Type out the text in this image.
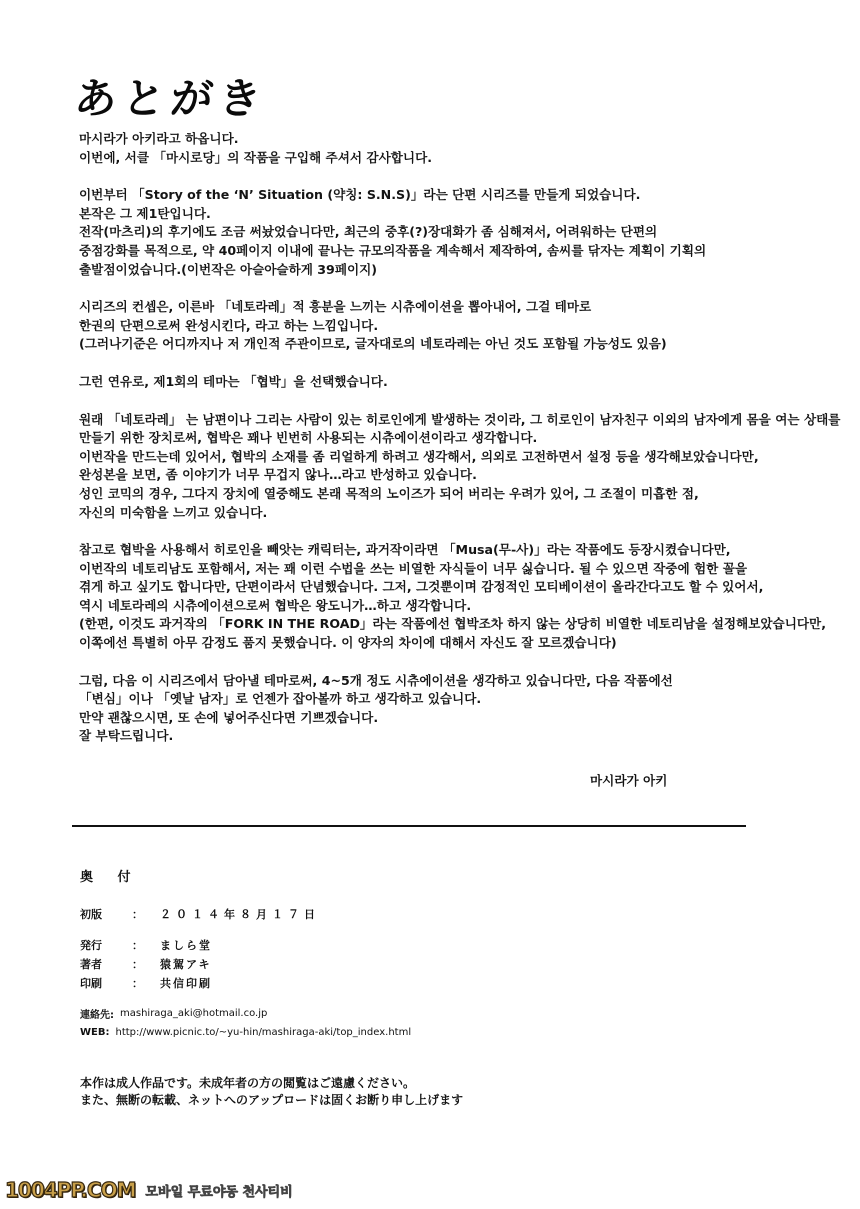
あとがき
마시라가 아키라고 하옵니다.
이번에, 서클 「마시로당」의 작품을 구입해 주셔서 감사합니다.
이번부터 「Story of the ‘N’ Situation (약칭: S.N.S)」라는 단편 시리즈를 만들게 되었습니다.
본작은 그 제1탄입니다.
전작(마츠리)의 후기에도 조금 써놨었습니다만, 최근의 중후(?)장대화가 좀 심해져서, 어려워하는 단편의
중점강화를 목적으로, 약 40페이지 이내에 끝나는 규모의작품을 계속해서 제작하여, 솜씨를 닦자는 계획이 기획의
출발점이었습니다.(이번작은 아슬아슬하게 39페이지)
시리즈의 컨셉은, 이른바 「네토라레」적 흥분을 느끼는 시츄에이션을 뽑아내어, 그걸 테마로
한권의 단편으로써 완성시킨다, 라고 하는 느낌입니다.
(그러나기준은 어디까지나 저 개인적 주관이므로, 글자대로의 네토라레는 아닌 것도 포함될 가능성도 있음)
그런 연유로, 제1회의 테마는 「협박」을 선택했습니다.
원래 「네토라레」 는 남편이나 그리는 사람이 있는 히로인에게 발생하는 것이라, 그 히로인이 남자친구 이외의 남자에게 몸을 여는 상태를
만들기 위한 장치로써, 협박은 꽤나 빈번히 사용되는 시츄에이션이라고 생각합니다.
이번작을 만드는데 있어서, 협박의 소재를 좀 리얼하게 하려고 생각해서, 의외로 고전하면서 설정 등을 생각해보았습니다만,
완성본을 보면, 좀 이야기가 너무 무겁지 않나…라고 반성하고 있습니다.
성인 코믹의 경우, 그다지 장치에 열중해도 본래 목적의 노이즈가 되어 버리는 우려가 있어, 그 조절이 미흡한 점,
자신의 미숙함을 느끼고 있습니다.
참고로 협박을 사용해서 히로인을 빼앗는 캐릭터는, 과거작이라면 「Musa(무-사)」라는 작품에도 등장시켰습니다만,
이번작의 네토리남도 포함해서, 저는 꽤 이런 수법을 쓰는 비열한 자식들이 너무 싫습니다. 될 수 있으면 작중에 험한 꼴을
겪게 하고 싶기도 합니다만, 단편이라서 단념했습니다. 그저, 그것뿐이며 감정적인 모티베이션이 올라간다고도 할 수 있어서,
역시 네토라레의 시츄에이션으로써 협박은 왕도니가…하고 생각합니다.
(한편, 이것도 과거작의 「FORK IN THE ROAD」라는 작품에선 협박조차 하지 않는 상당히 비열한 네토리남을 설정해보았습니다만,
이쪽에선 특별히 아무 감정도 품지 못했습니다. 이 양자의 차이에 대해서 자신도 잘 모르겠습니다)
그럼, 다음 이 시리즈에서 담아낼 테마로써, 4~5개 정도 시츄에이션을 생각하고 있습니다만, 다음 작품에선
「변심」이나 「옛날 남자」로 언젠가 잡아볼까 하고 생각하고 있습니다.
만약 괜찮으시면, 또 손에 넣어주신다면 기쁘겠습니다.
잘 부탁드립니다.
마시라가 아키
奥 付
初版	：	２０１４年８月１７日
発行	：	ましら堂
著者	：	猿駕アキ
印刷	：	共信印刷
連絡先: mashiraga_aki@hotmail.co.jp
WEB: http://www.picnic.to/~yu-hin/mashiraga-aki/top_index.html
本作は成人作品です。未成年者の方の閲覧はご遠慮ください。
また、無断の転載、ネットへのアップロードは固くお断り申し上げます
1004PP.COM 모바일 무료야동 천사티비
